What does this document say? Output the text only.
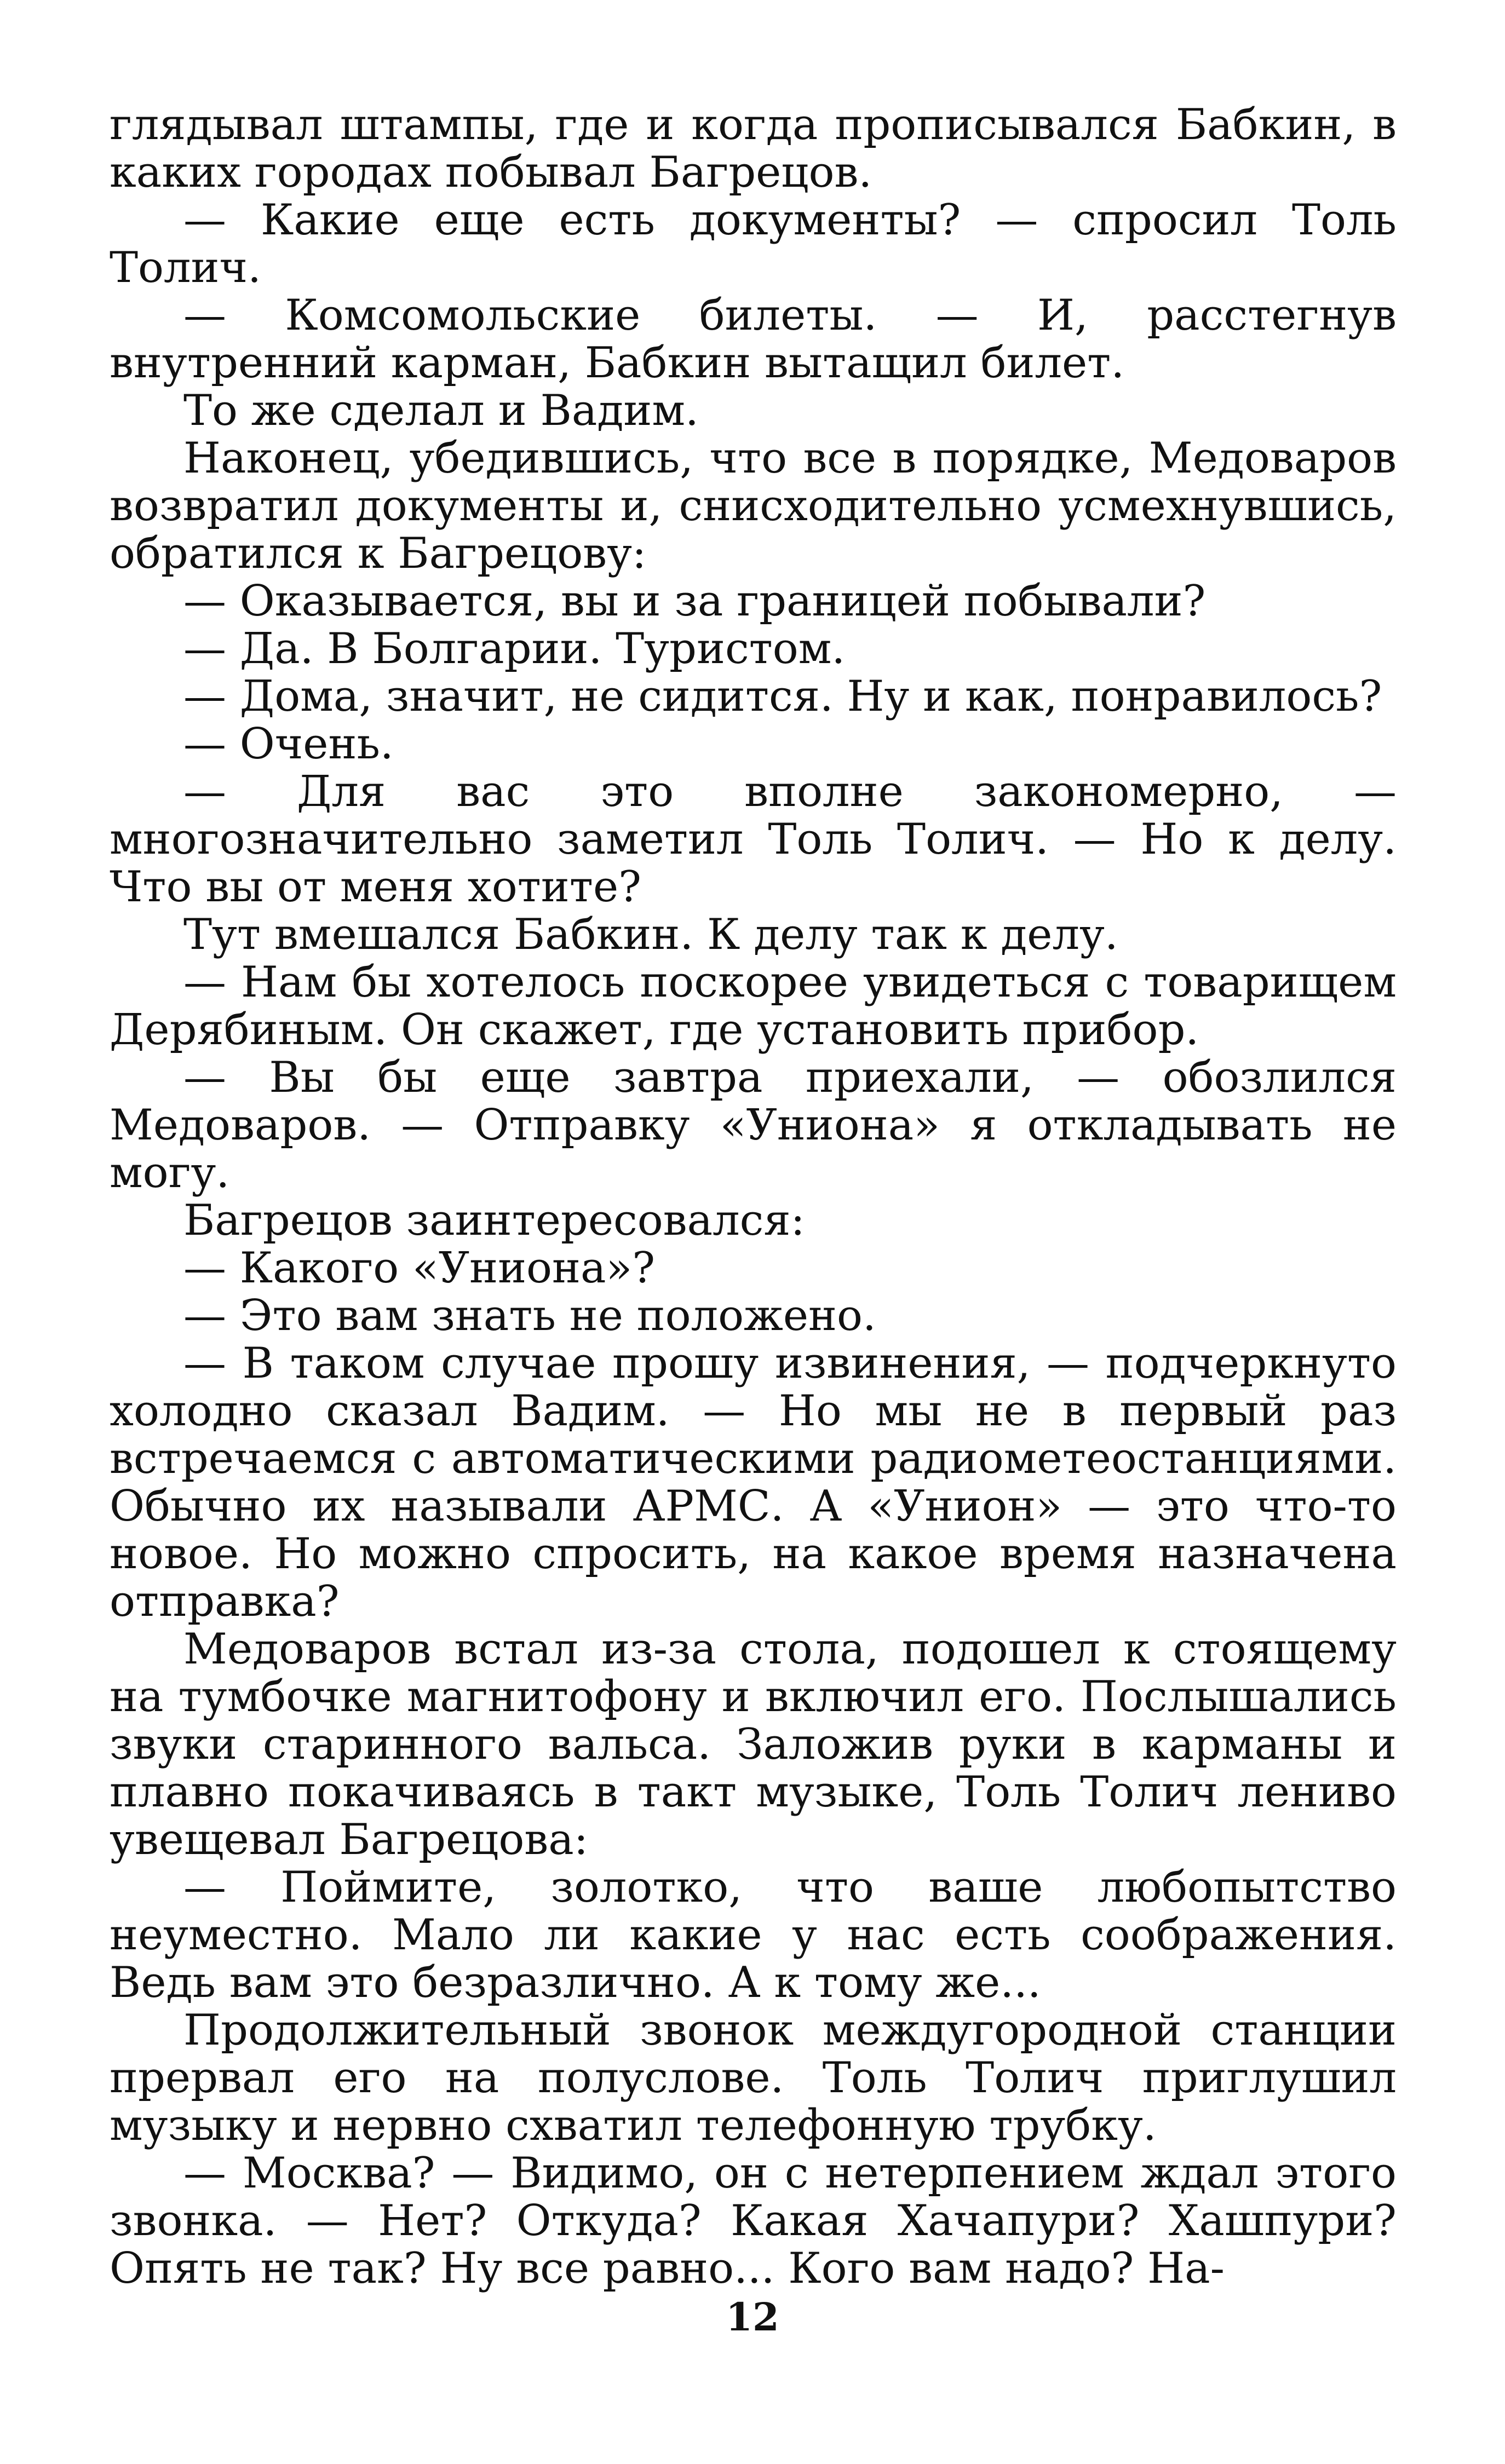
глядывал штампы, где и когда прописывался Бабкин, в каких городах побывал Багрецов.

— Какие еще есть документы? — спросил Толь Толич.

— Комсомольские билеты. — И, расстегнув внутренний карман, Бабкин вытащил билет.

То же сделал и Вадим.

Наконец, убедившись, что все в порядке, Медоваров возвратил документы и, снисходительно усмехнувшись, обратился к Багрецову:

— Оказывается, вы и за границей побывали?

— Да. В Болгарии. Туристом.

— Дома, значит, не сидится. Ну и как, понравилось?

— Очень.

— Для вас это вполне закономерно, — многозначительно заметил Толь Толич. — Но к делу. Что вы от меня хотите?

Тут вмешался Бабкин. К делу так к делу.

— Нам бы хотелось поскорее увидеться с товарищем Дерябиным. Он скажет, где установить прибор.

— Вы бы еще завтра приехали, — обозлился Медоваров. — Отправку «Униона» я откладывать не могу.

Багрецов заинтересовался:

— Какого «Униона»?

— Это вам знать не положено.

— В таком случае прошу извинения, — подчеркнуто холодно сказал Вадим. — Но мы не в первый раз встречаемся с автоматическими радиометеостанциями. Обычно их называли АРМС. А «Унион» — это что-то новое. Но можно спросить, на какое время назначена отправка?

Медоваров встал из-за стола, подошел к стоящему на тумбочке магнитофону и включил его. Послышались звуки старинного вальса. Заложив руки в карманы и плавно покачиваясь в такт музыке, Толь Толич лениво увещевал Багрецова:

— Поймите, золотко, что ваше любопытство неуместно. Мало ли какие у нас есть соображения. Ведь вам это безразлично. А к тому же...

Продолжительный звонок междугородной станции прервал его на полуслове. Толь Толич приглушил музыку и нервно схватил телефонную трубку.

— Москва? — Видимо, он с нетерпением ждал этого звонка. — Нет? Откуда? Какая Хачапури? Хашпури? Опять не так? Ну все равно... Кого вам надо? На-

12
